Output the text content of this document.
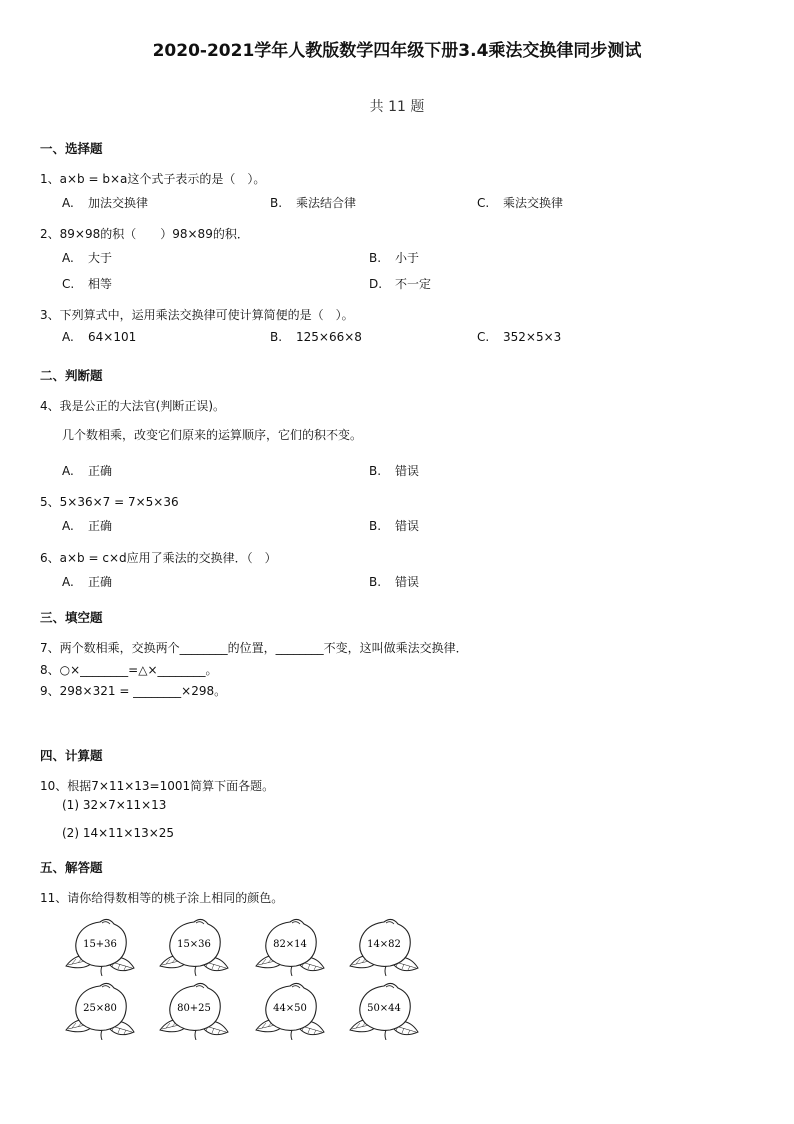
2020-2021学年人教版数学四年级下册3.4乘法交换律同步测试
共 11 题
一、选择题
1、a×b = b×a这个式子表示的是（　）。
A. 加法交换律	B. 乘法结合律	C. 乘法交换律
2、89×98的积（　　）98×89的积．
A. 大于	B. 小于
C. 相等	D. 不一定
3、下列算式中，运用乘法交换律可使计算简便的是（　）。
A. 64×101	B. 125×66×8	C. 352×5×3
二、判断题
4、我是公正的大法官(判断正误)。
几个数相乘，改变它们原来的运算顺序，它们的积不变。
A. 正确	B. 错误
5、5×36×7 = 7×5×36
A. 正确	B. 错误
6、a×b = c×d应用了乘法的交换律．（　）
A. 正确	B. 错误
三、填空题
7、两个数相乘，交换两个________的位置，________不变，这叫做乘法交换律．
8、○×________=△×________。
9、298×321 = ________×298。
四、计算题
10、根据7×11×13=1001简算下面各题。
(1) 32×7×11×13
(2) 14×11×13×25
五、解答题
11、请你给得数相等的桃子涂上相同的颜色。
15+36	15×36	82×14	14×82
25×80	80+25	44×50	50×44
